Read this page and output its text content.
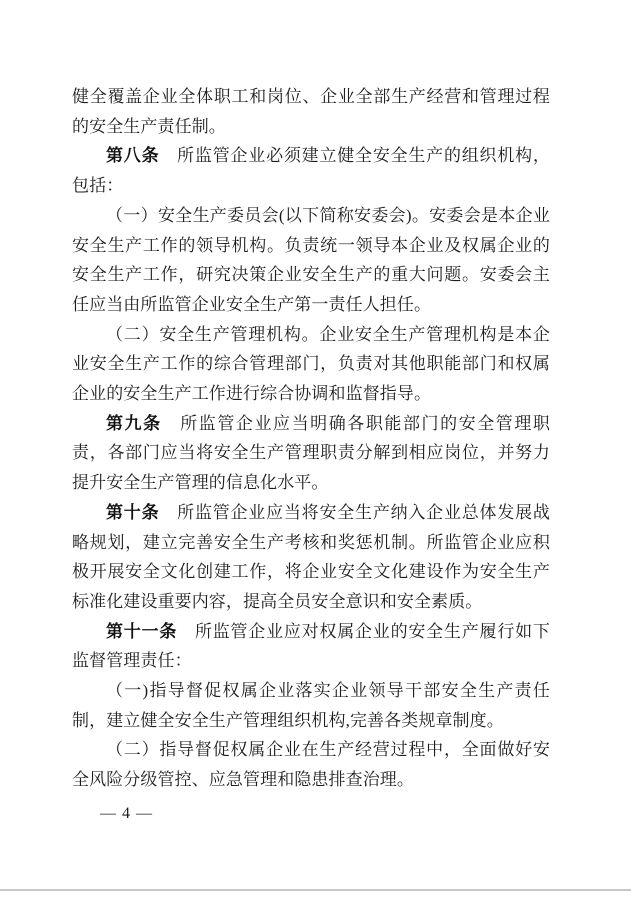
健全覆盖企业全体职工和岗位、企业全部生产经营和管理过程的安全生产责任制。

第八条　所监管企业必须建立健全安全生产的组织机构，包括：

（一）安全生产委员会(以下简称安委会)。安委会是本企业安全生产工作的领导机构。负责统一领导本企业及权属企业的安全生产工作，研究决策企业安全生产的重大问题。安委会主任应当由所监管企业安全生产第一责任人担任。

（二）安全生产管理机构。企业安全生产管理机构是本企业安全生产工作的综合管理部门，负责对其他职能部门和权属企业的安全生产工作进行综合协调和监督指导。

第九条　所监管企业应当明确各职能部门的安全管理职责，各部门应当将安全生产管理职责分解到相应岗位，并努力提升安全生产管理的信息化水平。

第十条　所监管企业应当将安全生产纳入企业总体发展战略规划，建立完善安全生产考核和奖惩机制。所监管企业应积极开展安全文化创建工作，将企业安全文化建设作为安全生产标准化建设重要内容，提高全员安全意识和安全素质。

第十一条　所监管企业应对权属企业的安全生产履行如下监督管理责任：

（一)指导督促权属企业落实企业领导干部安全生产责任制，建立健全安全生产管理组织机构,完善各类规章制度。

（二）指导督促权属企业在生产经营过程中，全面做好安全风险分级管控、应急管理和隐患排查治理。

— 4 —
